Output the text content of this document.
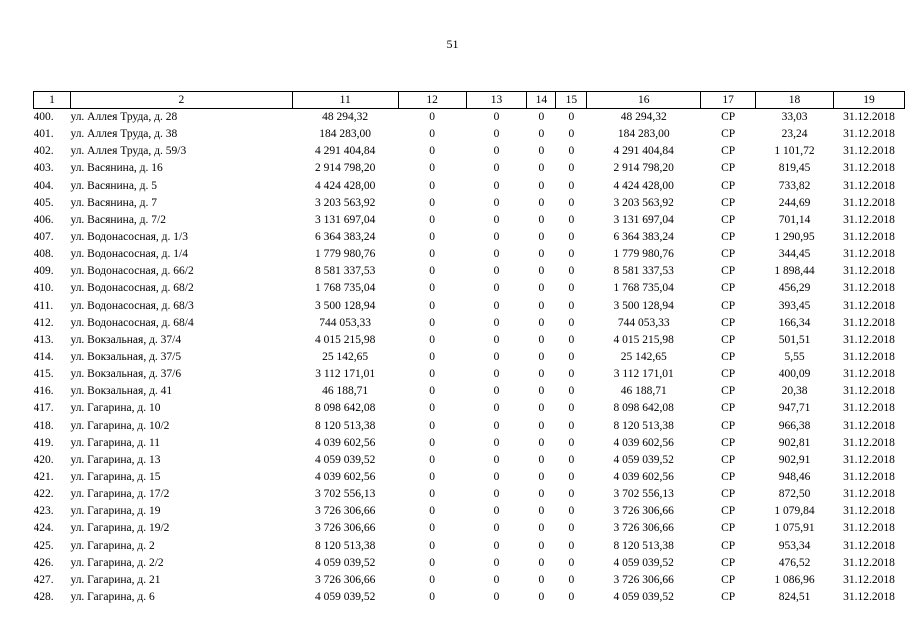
51
1	2	11	12	13	14	15	16	17	18	19
400.	ул. Аллея Труда, д. 28	48 294,32	0	0	0	0	48 294,32	СР	33,03	31.12.2018
401.	ул. Аллея Труда, д. 38	184 283,00	0	0	0	0	184 283,00	СР	23,24	31.12.2018
402.	ул. Аллея Труда, д. 59/3	4 291 404,84	0	0	0	0	4 291 404,84	СР	1 101,72	31.12.2018
403.	ул. Васянина, д. 16	2 914 798,20	0	0	0	0	2 914 798,20	СР	819,45	31.12.2018
404.	ул. Васянина, д. 5	4 424 428,00	0	0	0	0	4 424 428,00	СР	733,82	31.12.2018
405.	ул. Васянина, д. 7	3 203 563,92	0	0	0	0	3 203 563,92	СР	244,69	31.12.2018
406.	ул. Васянина, д. 7/2	3 131 697,04	0	0	0	0	3 131 697,04	СР	701,14	31.12.2018
407.	ул. Водонасосная, д. 1/3	6 364 383,24	0	0	0	0	6 364 383,24	СР	1 290,95	31.12.2018
408.	ул. Водонасосная, д. 1/4	1 779 980,76	0	0	0	0	1 779 980,76	СР	344,45	31.12.2018
409.	ул. Водонасосная, д. 66/2	8 581 337,53	0	0	0	0	8 581 337,53	СР	1 898,44	31.12.2018
410.	ул. Водонасосная, д. 68/2	1 768 735,04	0	0	0	0	1 768 735,04	СР	456,29	31.12.2018
411.	ул. Водонасосная, д. 68/3	3 500 128,94	0	0	0	0	3 500 128,94	СР	393,45	31.12.2018
412.	ул. Водонасосная, д. 68/4	744 053,33	0	0	0	0	744 053,33	СР	166,34	31.12.2018
413.	ул. Вокзальная, д. 37/4	4 015 215,98	0	0	0	0	4 015 215,98	СР	501,51	31.12.2018
414.	ул. Вокзальная, д. 37/5	25 142,65	0	0	0	0	25 142,65	СР	5,55	31.12.2018
415.	ул. Вокзальная, д. 37/6	3 112 171,01	0	0	0	0	3 112 171,01	СР	400,09	31.12.2018
416.	ул. Вокзальная, д. 41	46 188,71	0	0	0	0	46 188,71	СР	20,38	31.12.2018
417.	ул. Гагарина, д. 10	8 098 642,08	0	0	0	0	8 098 642,08	СР	947,71	31.12.2018
418.	ул. Гагарина, д. 10/2	8 120 513,38	0	0	0	0	8 120 513,38	СР	966,38	31.12.2018
419.	ул. Гагарина, д. 11	4 039 602,56	0	0	0	0	4 039 602,56	СР	902,81	31.12.2018
420.	ул. Гагарина, д. 13	4 059 039,52	0	0	0	0	4 059 039,52	СР	902,91	31.12.2018
421.	ул. Гагарина, д. 15	4 039 602,56	0	0	0	0	4 039 602,56	СР	948,46	31.12.2018
422.	ул. Гагарина, д. 17/2	3 702 556,13	0	0	0	0	3 702 556,13	СР	872,50	31.12.2018
423.	ул. Гагарина, д. 19	3 726 306,66	0	0	0	0	3 726 306,66	СР	1 079,84	31.12.2018
424.	ул. Гагарина, д. 19/2	3 726 306,66	0	0	0	0	3 726 306,66	СР	1 075,91	31.12.2018
425.	ул. Гагарина, д. 2	8 120 513,38	0	0	0	0	8 120 513,38	СР	953,34	31.12.2018
426.	ул. Гагарина, д. 2/2	4 059 039,52	0	0	0	0	4 059 039,52	СР	476,52	31.12.2018
427.	ул. Гагарина, д. 21	3 726 306,66	0	0	0	0	3 726 306,66	СР	1 086,96	31.12.2018
428.	ул. Гагарина, д. 6	4 059 039,52	0	0	0	0	4 059 039,52	СР	824,51	31.12.2018
